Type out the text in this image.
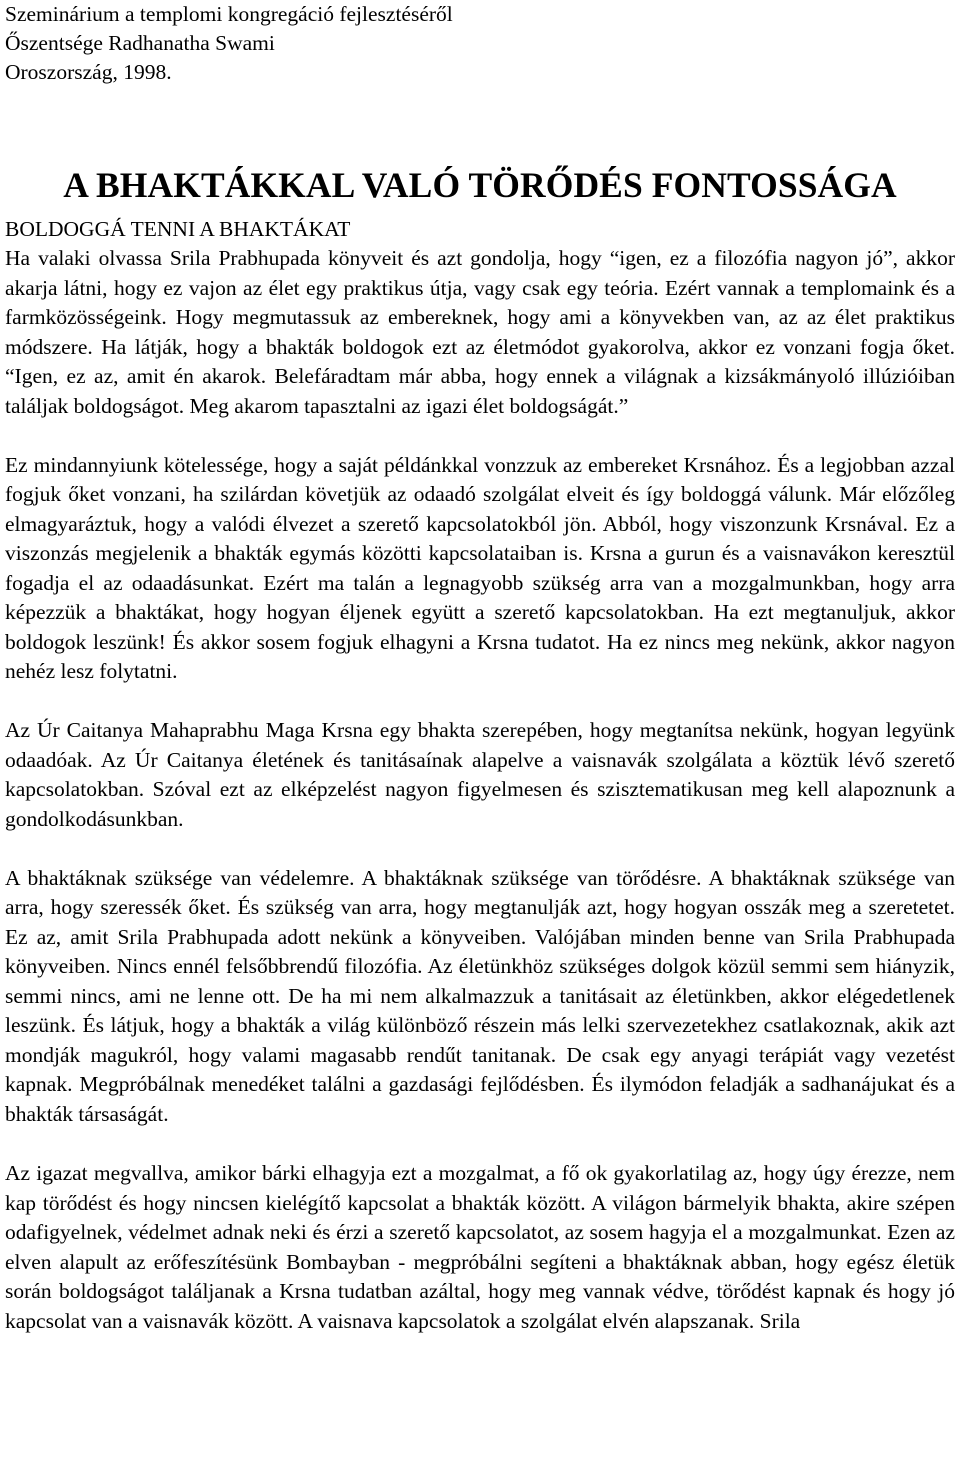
Szeminárium a templomi kongregáció fejlesztéséről

Őszentsége Radhanatha Swami

Oroszország, 1998.

A BHAKTÁKKAL VALÓ TÖRŐDÉS FONTOSSÁGA

BOLDOGGÁ TENNI A BHAKTÁKAT

Ha valaki olvassa Srila Prabhupada könyveit és azt gondolja, hogy “igen, ez a filozófia nagyon jó”, akkor akarja látni, hogy ez vajon az élet egy praktikus útja, vagy csak egy teória. Ezért vannak a templomaink és a farmközösségeink. Hogy megmutassuk az embereknek, hogy ami a könyvekben van, az az élet praktikus módszere. Ha látják, hogy a bhakták boldogok ezt az életmódot gyakorolva, akkor ez vonzani fogja őket. “Igen, ez az, amit én akarok. Belefáradtam már abba, hogy ennek a világnak a kizsákmányoló illúzióiban találjak boldogságot. Meg akarom tapasztalni az igazi élet boldogságát.”

Ez mindannyiunk kötelessége, hogy a saját példánkkal vonzzuk az embereket Krsnához. És a legjobban azzal fogjuk őket vonzani, ha szilárdan követjük az odaadó szolgálat elveit és így boldoggá válunk. Már előzőleg elmagyaráztuk, hogy a valódi élvezet a szerető kapcsolatokból jön. Abból, hogy viszonzunk Krsnával. Ez a viszonzás megjelenik a bhakták egymás közötti kapcsolataiban is. Krsna a gurun és a vaisnavákon keresztül fogadja el az odaadásunkat. Ezért ma talán a legnagyobb szükség arra van a mozgalmunkban, hogy arra képezzük a bhaktákat, hogy hogyan éljenek együtt a szerető kapcsolatokban. Ha ezt megtanuljuk, akkor boldogok leszünk! És akkor sosem fogjuk elhagyni a Krsna tudatot. Ha ez nincs meg nekünk, akkor nagyon nehéz lesz folytatni.

Az Úr Caitanya Mahaprabhu Maga Krsna egy bhakta szerepében, hogy megtanítsa nekünk, hogyan legyünk odaadóak. Az Úr Caitanya életének és tanitásaínak alapelve a vaisnavák szolgálata a köztük lévő szerető kapcsolatokban. Szóval ezt az elképzelést nagyon figyelmesen és szisztematikusan meg kell alapoznunk a gondolkodásunkban.

A bhaktáknak szüksége van védelemre. A bhaktáknak szüksége van törődésre. A bhaktáknak szüksége van arra, hogy szeressék őket. És szükség van arra, hogy megtanulják azt, hogy hogyan osszák meg a szeretetet. Ez az, amit Srila Prabhupada adott nekünk a könyveiben. Valójában minden benne van Srila Prabhupada könyveiben. Nincs ennél felsőbbrendű filozófia. Az életünkhöz szükséges dolgok közül semmi sem hiányzik, semmi nincs, ami ne lenne ott. De ha mi nem alkalmazzuk a tanitásait az életünkben, akkor elégedetlenek leszünk. És látjuk, hogy a bhakták a világ különböző részein más lelki szervezetekhez csatlakoznak, akik azt mondják magukról, hogy valami magasabb rendűt tanitanak. De csak egy anyagi terápiát vagy vezetést kapnak. Megpróbálnak menedéket találni a gazdasági fejlődésben. És ilymódon feladják a sadhanájukat és a bhakták társaságát.

Az igazat megvallva, amikor bárki elhagyja ezt a mozgalmat, a fő ok gyakorlatilag az, hogy úgy érezze, nem kap törődést és hogy nincsen kielégítő kapcsolat a bhakták között. A világon bármelyik bhakta, akire szépen odafigyelnek, védelmet adnak neki és érzi a szerető kapcsolatot, az sosem hagyja el a mozgalmunkat. Ezen az elven alapult az erőfeszítésünk Bombayban - megpróbálni segíteni a bhaktáknak abban, hogy egész életük során boldogságot találjanak a Krsna tudatban azáltal, hogy meg vannak védve, törődést kapnak és hogy jó kapcsolat van a vaisnavák között. A vaisnava kapcsolatok a szolgálat elvén alapszanak. Srila
